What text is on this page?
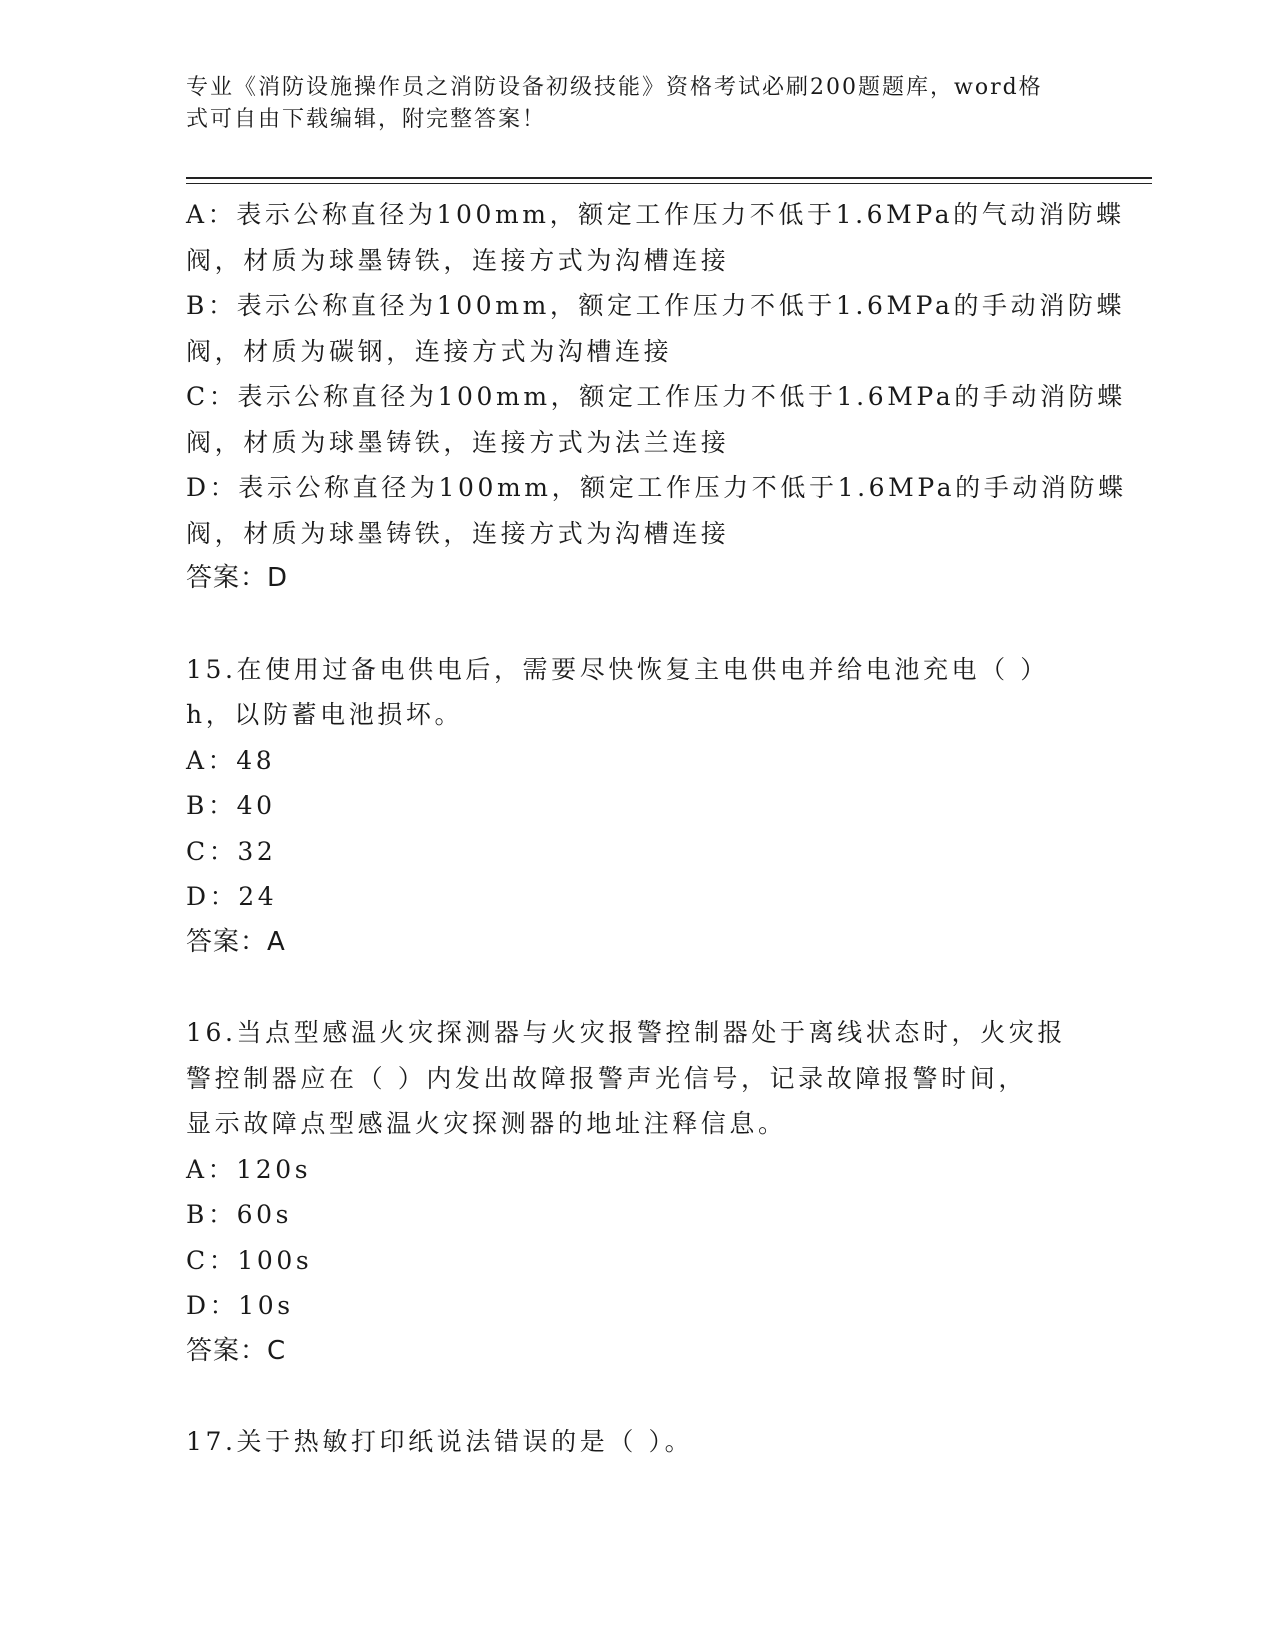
专业《消防设施操作员之消防设备初级技能》资格考试必刷200题题库，word格
式可自由下载编辑，附完整答案！
A：表示公称直径为100mm，额定工作压力不低于1.6MPa的气动消防蝶
阀，材质为球墨铸铁，连接方式为沟槽连接
B：表示公称直径为100mm，额定工作压力不低于1.6MPa的手动消防蝶
阀，材质为碳钢，连接方式为沟槽连接
C：表示公称直径为100mm，额定工作压力不低于1.6MPa的手动消防蝶
阀，材质为球墨铸铁，连接方式为法兰连接
D：表示公称直径为100mm，额定工作压力不低于1.6MPa的手动消防蝶
阀，材质为球墨铸铁，连接方式为沟槽连接
答案：D
15.在使用过备电供电后，需要尽快恢复主电供电并给电池充电（ ）
h，以防蓄电池损坏。
A：48
B：40
C：32
D：24
答案：A
16.当点型感温火灾探测器与火灾报警控制器处于离线状态时，火灾报
警控制器应在（ ）内发出故障报警声光信号，记录故障报警时间，
显示故障点型感温火灾探测器的地址注释信息。
A：120s
B：60s
C：100s
D：10s
答案：C
17.关于热敏打印纸说法错误的是（ ）。
